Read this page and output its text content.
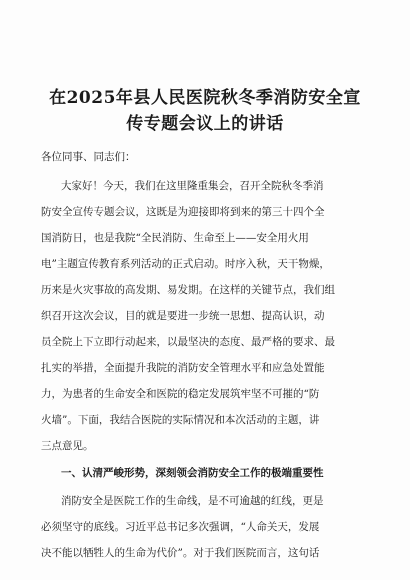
在2025年县人民医院秋冬季消防安全宣
传专题会议上的讲话
各位同事、同志们：
大家好！今天，我们在这里隆重集会，召开全院秋冬季消
防安全宣传专题会议，这既是为迎接即将到来的第三十四个全
国消防日，也是我院“全民消防、生命至上——安全用火用
电”主题宣传教育系列活动的正式启动。时序入秋，天干物燥，
历来是火灾事故的高发期、易发期。在这样的关键节点，我们组
织召开这次会议，目的就是要进一步统一思想、提高认识，动
员全院上下立即行动起来，以最坚决的态度、最严格的要求、最
扎实的举措，全面提升我院的消防安全管理水平和应急处置能
力，为患者的生命安全和医院的稳定发展筑牢坚不可摧的“防
火墙”。下面，我结合医院的实际情况和本次活动的主题，讲
三点意见。
一、认清严峻形势，深刻领会消防安全工作的极端重要性
消防安全是医院工作的生命线，是不可逾越的红线，更是
必须坚守的底线。习近平总书记多次强调，“人命关天，发展
决不能以牺牲人的生命为代价”。对于我们医院而言，这句话
